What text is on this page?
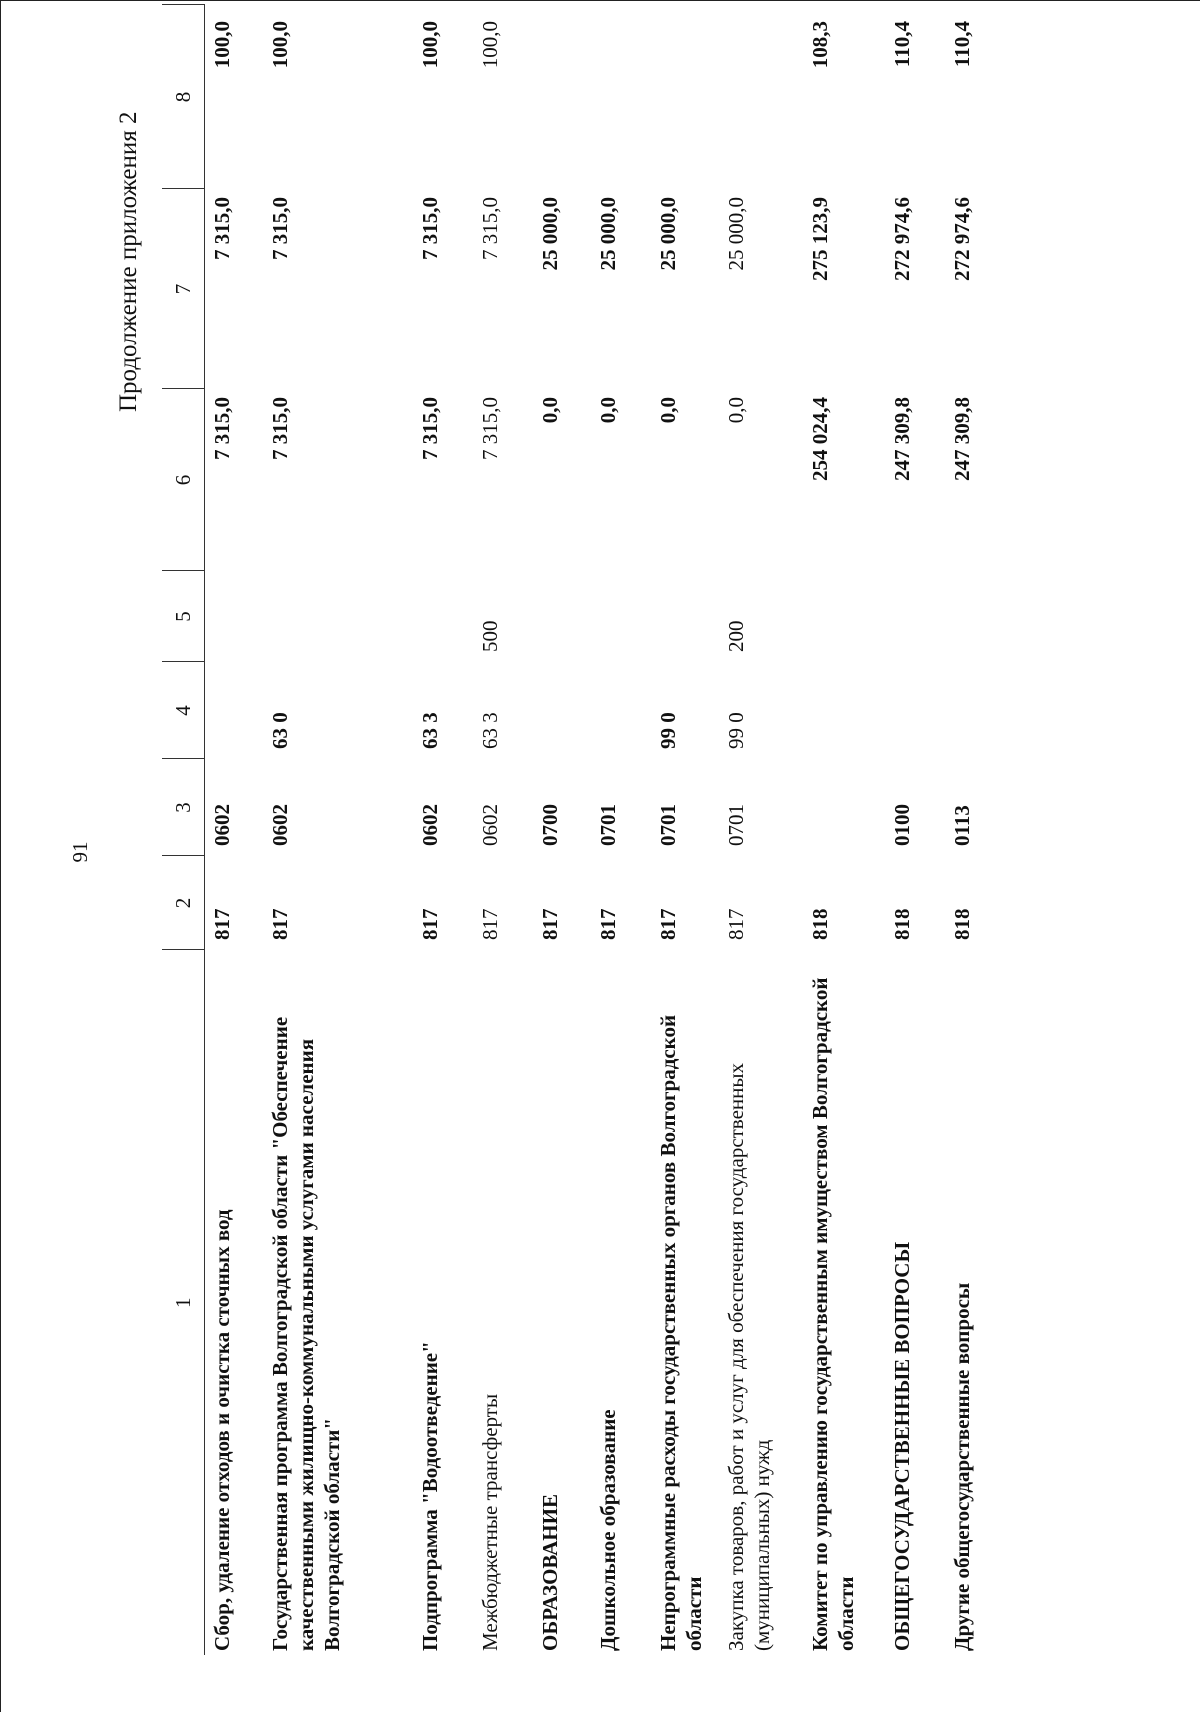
91
Продолжение приложения 2
1	2	3	4	5	6	7	8
Сбор, удаление отходов и очистка сточных вод	817	0602			7 315,0	7 315,0	100,0
Государственная программа Волгоградской области "Обеспечение качественными жилищно-коммунальными услугами населения Волгоградской области"	817	0602	63 0		7 315,0	7 315,0	100,0
Подпрограмма "Водоотведение"	817	0602	63 3		7 315,0	7 315,0	100,0
Межбюджетные трансферты	817	0602	63 3	500	7 315,0	7 315,0	100,0
ОБРАЗОВАНИЕ	817	0700			0,0	25 000,0	
Дошкольное образование	817	0701			0,0	25 000,0	
Непрограммные расходы государственных органов Волгоградской области	817	0701	99 0		0,0	25 000,0	
Закупка товаров, работ и услуг для обеспечения государственных (муниципальных) нужд	817	0701	99 0	200	0,0	25 000,0	
Комитет по управлению государственным имуществом Волгоградской области	818				254 024,4	275 123,9	108,3
ОБЩЕГОСУДАРСТВЕННЫЕ ВОПРОСЫ	818	0100			247 309,8	272 974,6	110,4
Другие общегосударственные вопросы	818	0113			247 309,8	272 974,6	110,4
